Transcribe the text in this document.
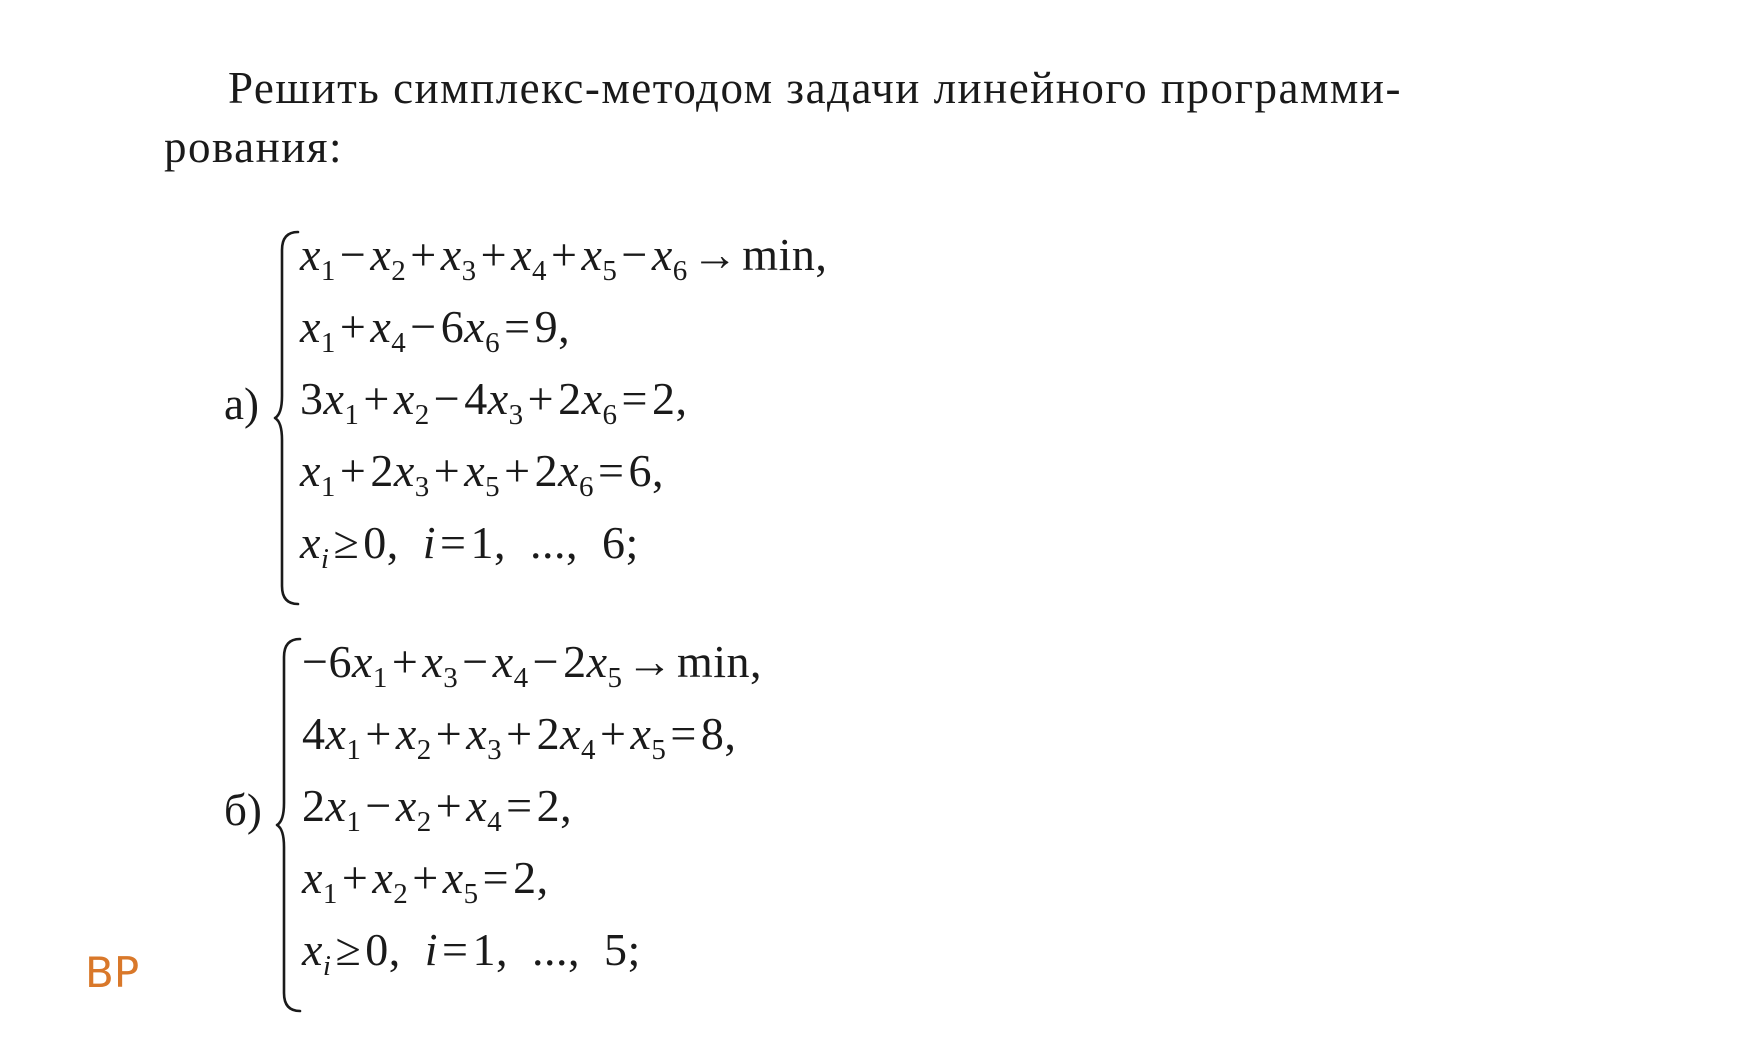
Решить симплекс-методом задачи линейного программи-
рования:
а)
$x_1-x_2+x_3+x_4+x_5-x_6\to\min$,
$x_1+x_4-6x_6=9$,
$3x_1+x_2-4x_3+2x_6=2$,
$x_1+2x_3+x_5+2x_6=6$,
$x_i\ge 0$,  i=1,  ...,  6;
б)
$-6x_1+x_3-x_4-2x_5\to\min$,
$4x_1+x_2+x_3+2x_4+x_5=8$,
$2x_1-x_2+x_4=2$,
$x_1+x_2+x_5=2$,
$x_i\ge 0$,  i=1,  ...,  5;
BP
